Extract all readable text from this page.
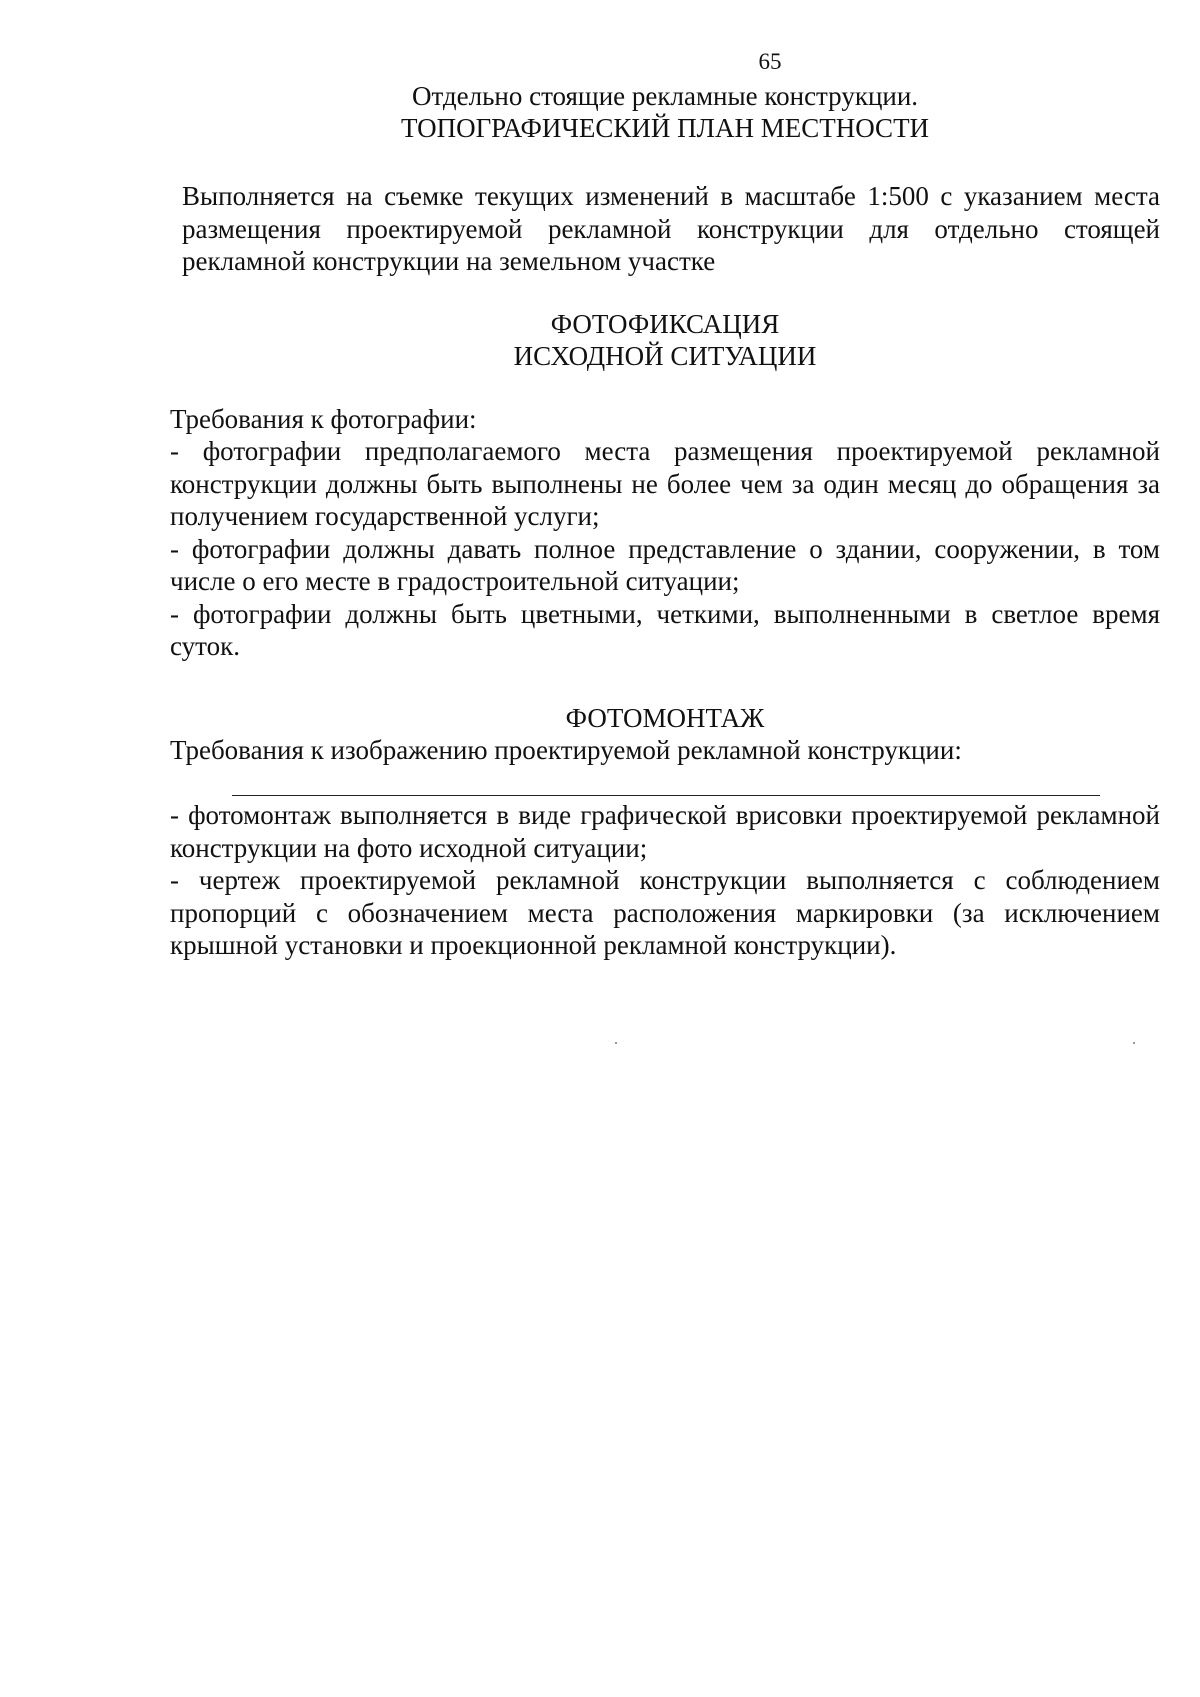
65

Отдельно стоящие рекламные конструкции.

ТОПОГРАФИЧЕСКИЙ ПЛАН МЕСТНОСТИ

Выполняется на съемке текущих изменений в масштабе 1:500 с указанием места размещения проектируемой рекламной конструкции для отдельно стоящей рекламной конструкции на земельном участке

ФОТОФИКСАЦИЯ

ИСХОДНОЙ СИТУАЦИИ

Требования к фотографии:

- фотографии предполагаемого места размещения проектируемой рекламной конструкции должны быть выполнены не более чем за один месяц до обращения за получением государственной услуги;

- фотографии должны давать полное представление о здании, сооружении, в том числе о его месте в градостроительной ситуации;

- фотографии должны быть цветными, четкими, выполненными в светлое время суток.

ФОТОМОНТАЖ

Требования к изображению проектируемой рекламной конструкции:

- фотомонтаж выполняется в виде графической врисовки проектируемой рекламной конструкции на фото исходной ситуации;

- чертеж проектируемой рекламной конструкции выполняется с соблюдением пропорций с обозначением места расположения маркировки (за исключением крышной установки и проекционной рекламной конструкции).
